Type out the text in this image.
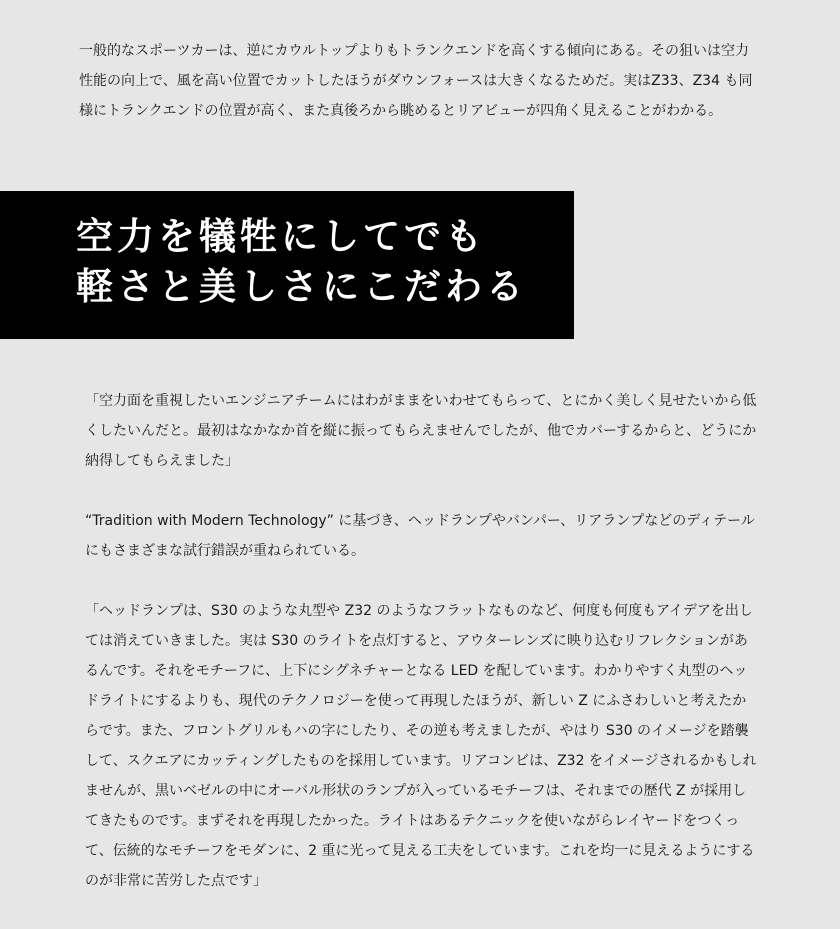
一般的なスポーツカーは、逆にカウルトップよりもトランクエンドを高くする傾向にある。その狙いは空力性能の向上で、風を高い位置でカットしたほうがダウンフォースは大きくなるためだ。実はZ33、Z34 も同様にトランクエンドの位置が高く、また真後ろから眺めるとリアビューが四角く見えることがわかる。

空力を犠牲にしてでも

軽さと美しさにこだわる

「空力面を重視したいエンジニアチームにはわがままをいわせてもらって、とにかく美しく見せたいから低くしたいんだと。最初はなかなか首を縦に振ってもらえませんでしたが、他でカバーするからと、どうにか納得してもらえました」

“Tradition with Modern Technology” に基づき、ヘッドランプやバンパー、リアランプなどのディテールにもさまざまな試行錯誤が重ねられている。

「ヘッドランプは、S30 のような丸型や Z32 のようなフラットなものなど、何度も何度もアイデアを出しては消えていきました。実は S30 のライトを点灯すると、アウターレンズに映り込むリフレクションがあるんです。それをモチーフに、上下にシグネチャーとなる LED を配しています。わかりやすく丸型のヘッドライトにするよりも、現代のテクノロジーを使って再現したほうが、新しい Z にふさわしいと考えたからです。また、フロントグリルもハの字にしたり、その逆も考えましたが、やはり S30 のイメージを踏襲して、スクエアにカッティングしたものを採用しています。リアコンビは、Z32 をイメージされるかもしれませんが、黒いベゼルの中にオーバル形状のランプが入っているモチーフは、それまでの歴代 Z が採用してきたものです。まずそれを再現したかった。ライトはあるテクニックを使いながらレイヤードをつくって、伝統的なモチーフをモダンに、2 重に光って見える工夫をしています。これを均一に見えるようにするのが非常に苦労した点です」
